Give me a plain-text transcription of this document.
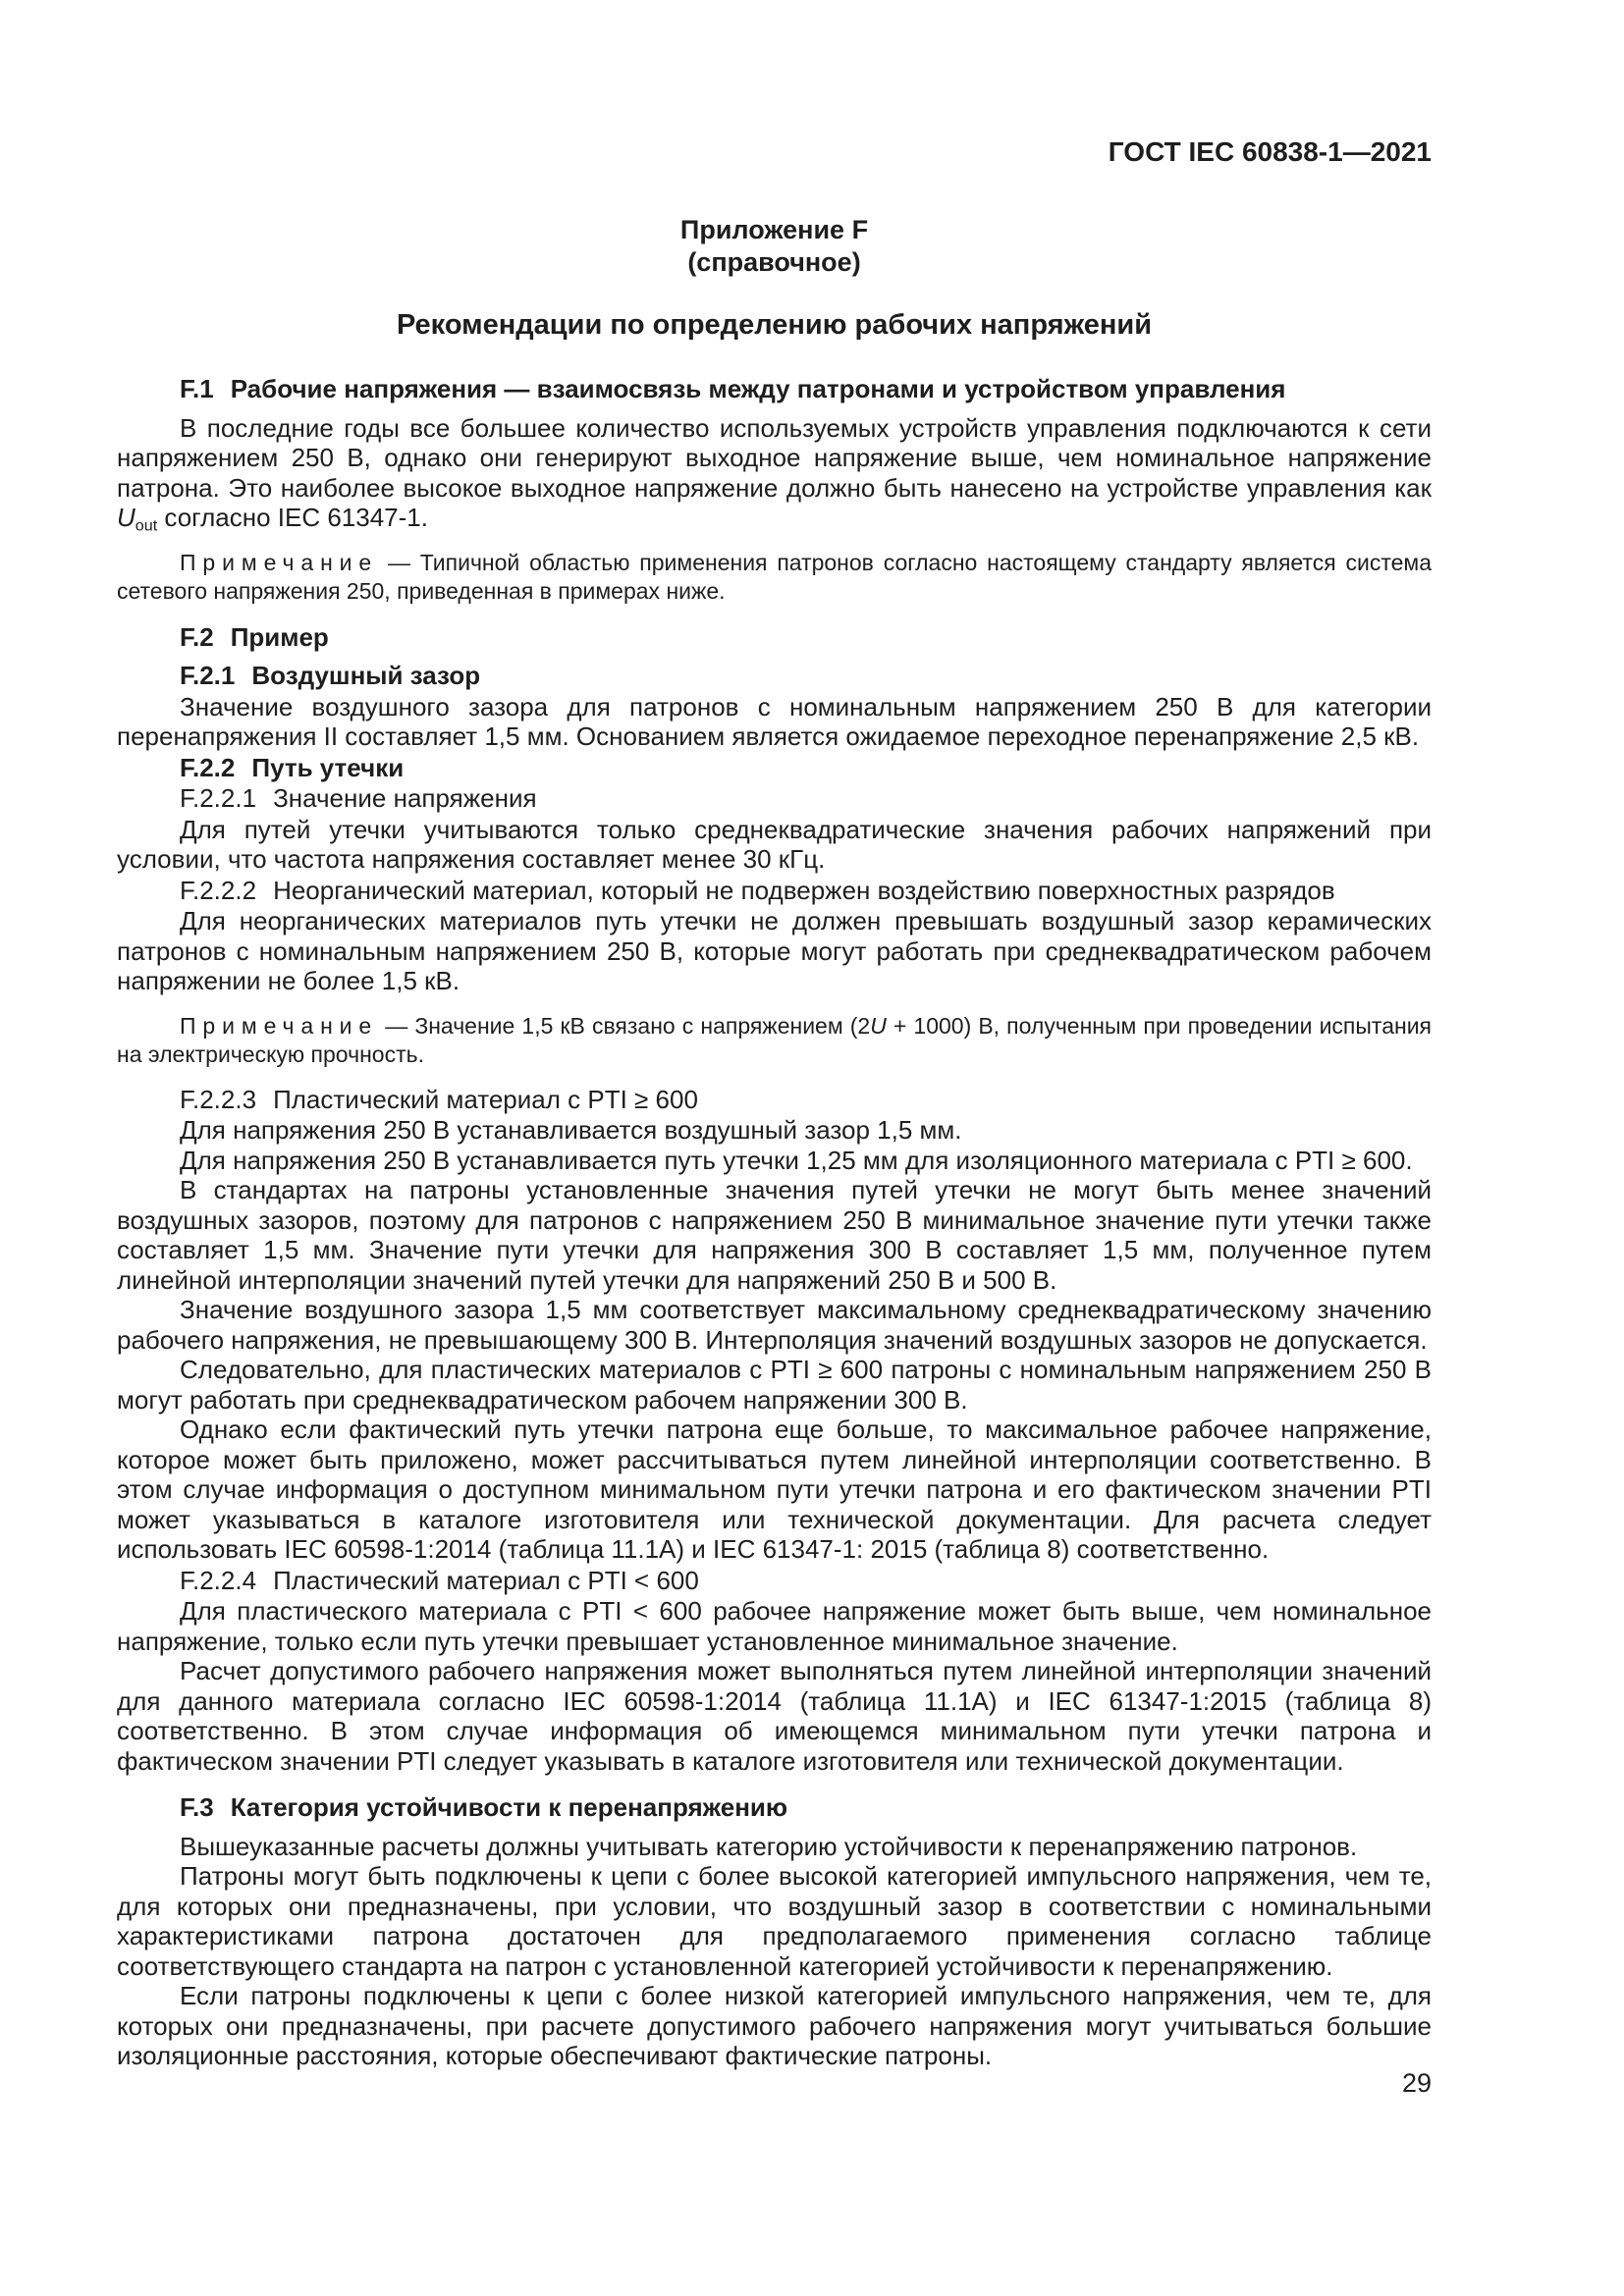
ГОСТ IEC 60838-1—2021
Приложение F
(справочное)
Рекомендации по определению рабочих напряжений
F.1 Рабочие напряжения — взаимосвязь между патронами и устройством управления
В последние годы все большее количество используемых устройств управления подключаются к сети напряжением 250 В, однако они генерируют выходное напряжение выше, чем номинальное напряжение патрона. Это наиболее высокое выходное напряжение должно быть нанесено на устройстве управления как $U_{out}$ согласно IEC 61347-1.
Примечание — Типичной областью применения патронов согласно настоящему стандарту является система сетевого напряжения 250, приведенная в примерах ниже.
F.2 Пример
F.2.1 Воздушный зазор
Значение воздушного зазора для патронов с номинальным напряжением 250 В для категории перенапряжения II составляет 1,5 мм. Основанием является ожидаемое переходное перенапряжение 2,5 кВ.
F.2.2 Путь утечки
F.2.2.1 Значение напряжения
Для путей утечки учитываются только среднеквадратические значения рабочих напряжений при условии, что частота напряжения составляет менее 30 кГц.
F.2.2.2 Неорганический материал, который не подвержен воздействию поверхностных разрядов
Для неорганических материалов путь утечки не должен превышать воздушный зазор керамических патронов с номинальным напряжением 250 В, которые могут работать при среднеквадратическом рабочем напряжении не более 1,5 кВ.
Примечание — Значение 1,5 кВ связано с напряжением (2U + 1000) В, полученным при проведении испытания на электрическую прочность.
F.2.2.3 Пластический материал с PTI ≥ 600
Для напряжения 250 В устанавливается воздушный зазор 1,5 мм.
Для напряжения 250 В устанавливается путь утечки 1,25 мм для изоляционного материала с PTI ≥ 600.
В стандартах на патроны установленные значения путей утечки не могут быть менее значений воздушных зазоров, поэтому для патронов с напряжением 250 В минимальное значение пути утечки также составляет 1,5 мм. Значение пути утечки для напряжения 300 В составляет 1,5 мм, полученное путем линейной интерполяции значений путей утечки для напряжений 250 В и 500 В.
Значение воздушного зазора 1,5 мм соответствует максимальному среднеквадратическому значению рабочего напряжения, не превышающему 300 В. Интерполяция значений воздушных зазоров не допускается.
Следовательно, для пластических материалов с PTI ≥ 600 патроны с номинальным напряжением 250 В могут работать при среднеквадратическом рабочем напряжении 300 В.
Однако если фактический путь утечки патрона еще больше, то максимальное рабочее напряжение, которое может быть приложено, может рассчитываться путем линейной интерполяции соответственно. В этом случае информация о доступном минимальном пути утечки патрона и его фактическом значении PTI может указываться в каталоге изготовителя или технической документации. Для расчета следует использовать IEC 60598-1:2014 (таблица 11.1А) и IEC 61347-1: 2015 (таблица 8) соответственно.
F.2.2.4 Пластический материал с PTI < 600
Для пластического материала с PTI < 600 рабочее напряжение может быть выше, чем номинальное напряжение, только если путь утечки превышает установленное минимальное значение.
Расчет допустимого рабочего напряжения может выполняться путем линейной интерполяции значений для данного материала согласно IEC 60598-1:2014 (таблица 11.1А) и IEC 61347-1:2015 (таблица 8) соответственно. В этом случае информация об имеющемся минимальном пути утечки патрона и фактическом значении PTI следует указывать в каталоге изготовителя или технической документации.
F.3 Категория устойчивости к перенапряжению
Вышеуказанные расчеты должны учитывать категорию устойчивости к перенапряжению патронов.
Патроны могут быть подключены к цепи с более высокой категорией импульсного напряжения, чем те, для которых они предназначены, при условии, что воздушный зазор в соответствии с номинальными характеристиками патрона достаточен для предполагаемого применения согласно таблице соответствующего стандарта на патрон с установленной категорией устойчивости к перенапряжению.
Если патроны подключены к цепи с более низкой категорией импульсного напряжения, чем те, для которых они предназначены, при расчете допустимого рабочего напряжения могут учитываться большие изоляционные расстояния, которые обеспечивают фактические патроны.
29
